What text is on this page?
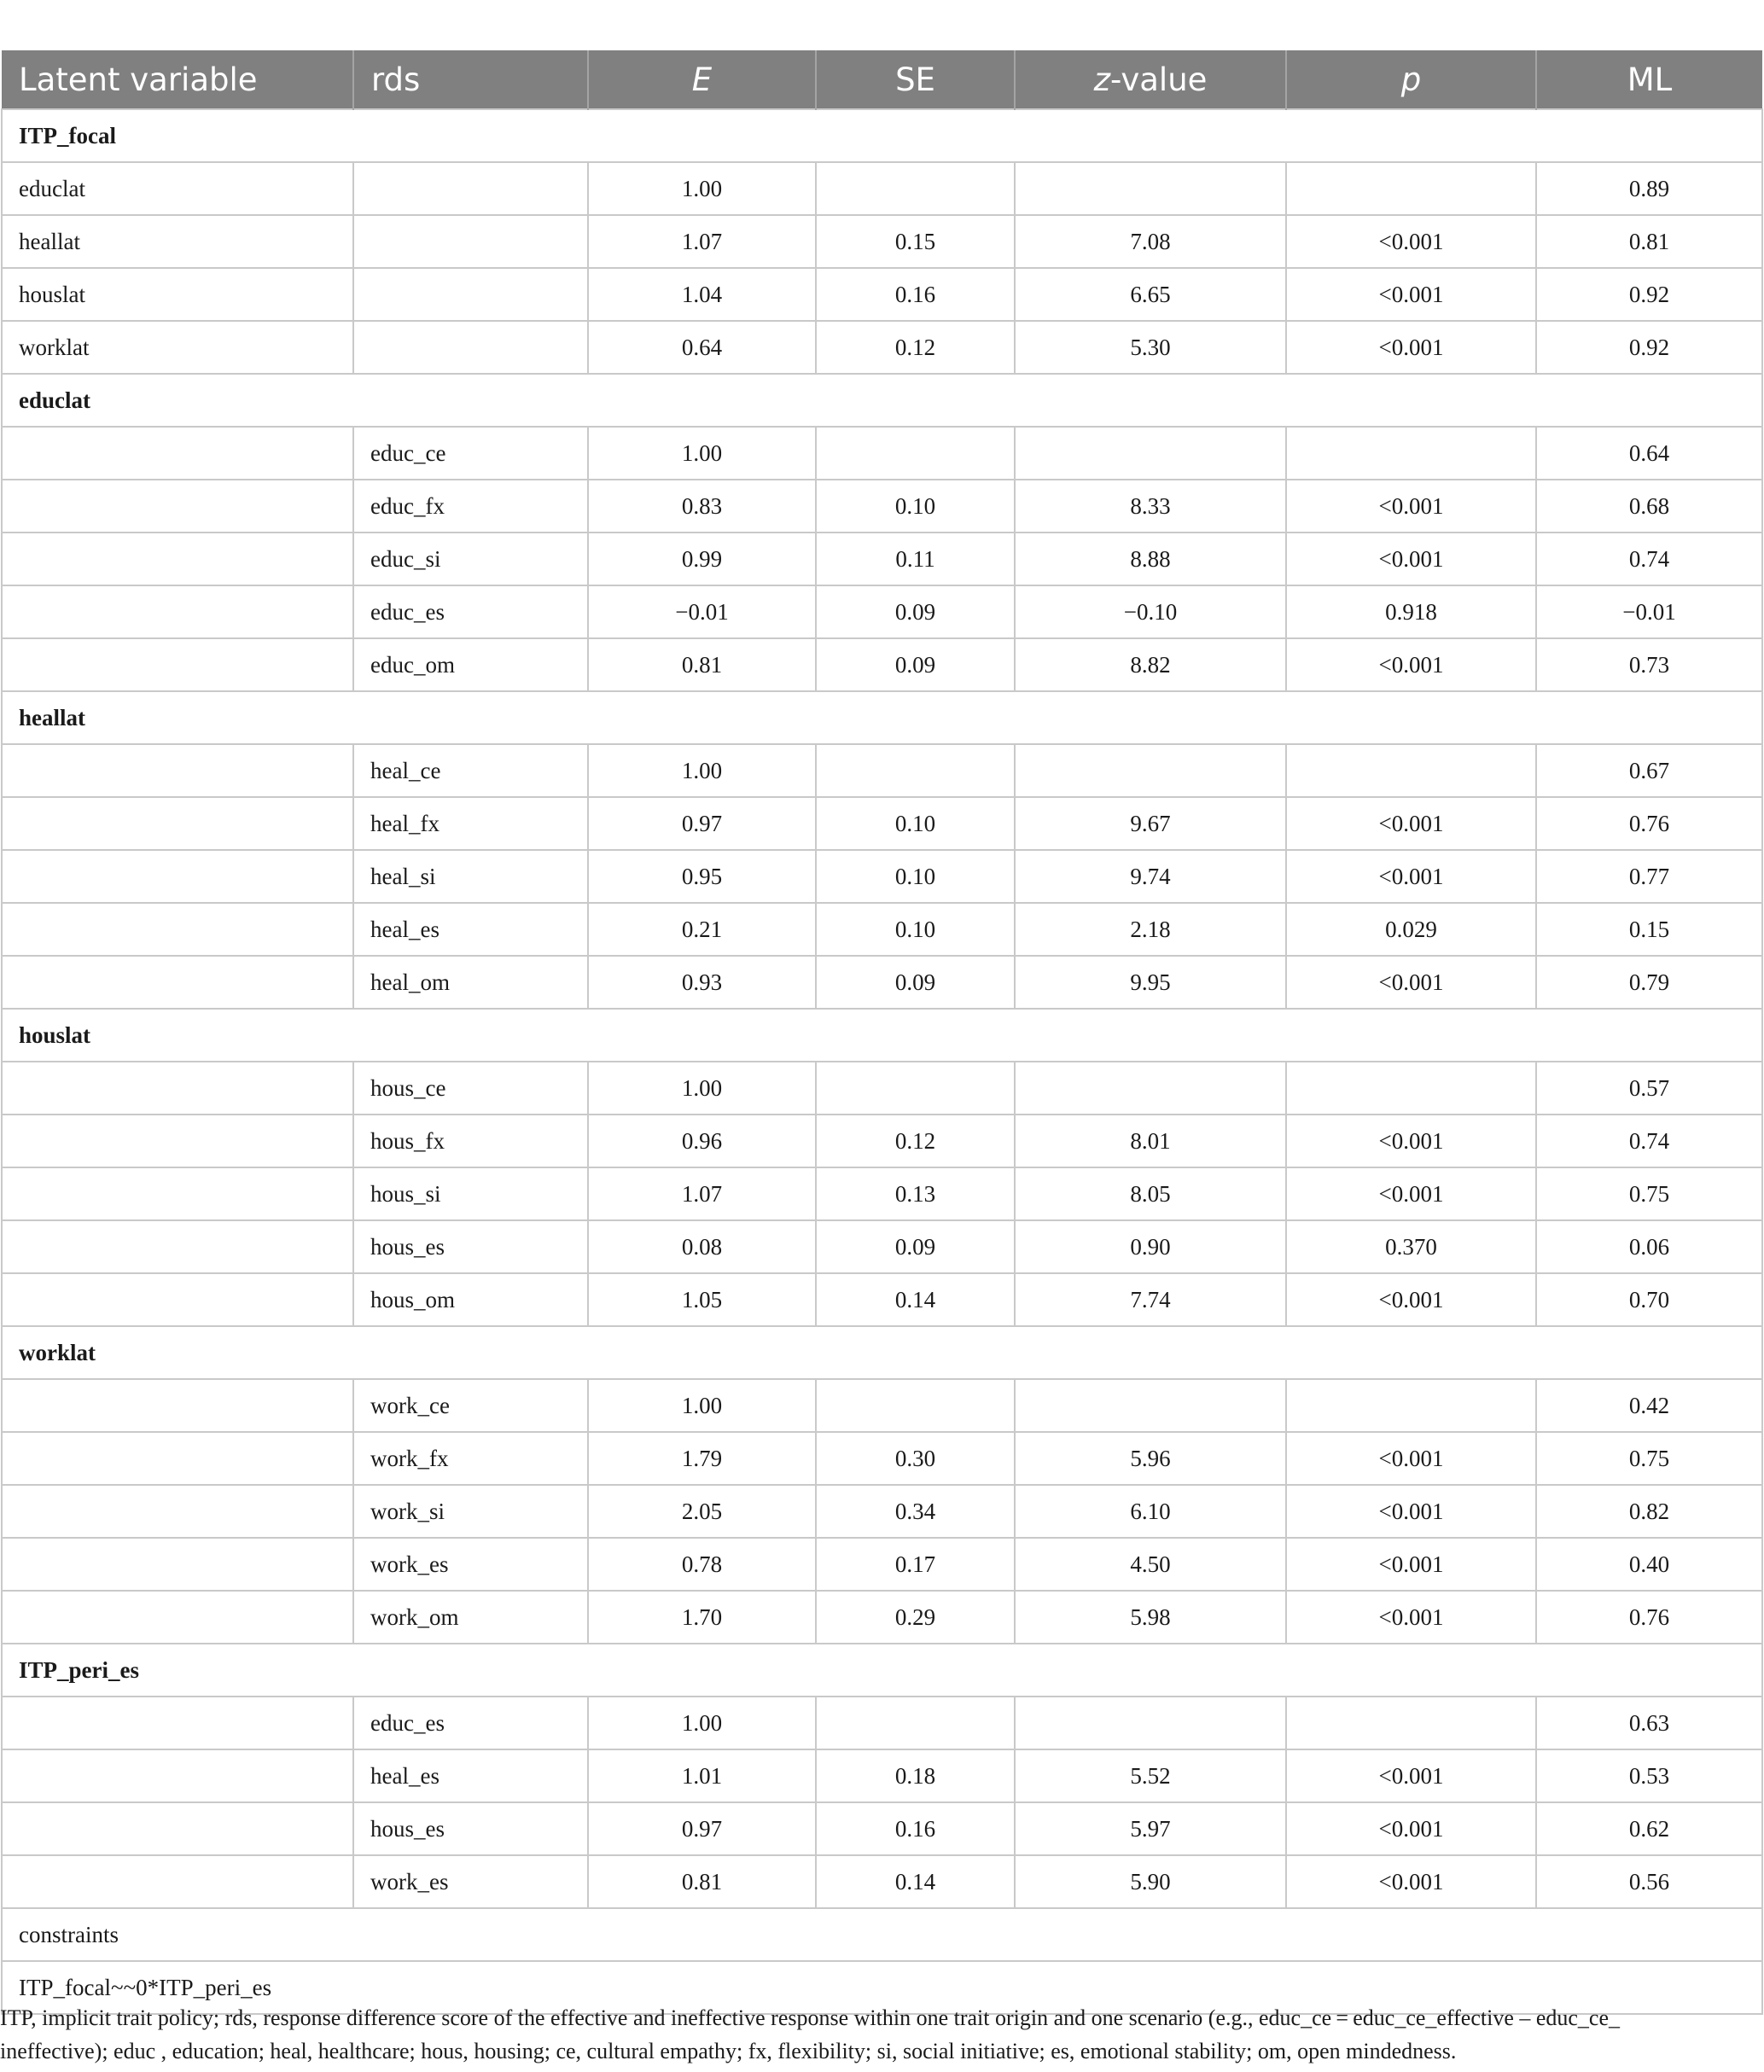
Latent variable	rds	E	SE	z-value	p	ML
ITP_focal						
educlat		1.00				0.89
heallat		1.07	0.15	7.08	<0.001	0.81
houslat		1.04	0.16	6.65	<0.001	0.92
worklat		0.64	0.12	5.30	<0.001	0.92
educlat						
	educ_ce	1.00				0.64
	educ_fx	0.83	0.10	8.33	<0.001	0.68
	educ_si	0.99	0.11	8.88	<0.001	0.74
	educ_es	−0.01	0.09	−0.10	0.918	−0.01
	educ_om	0.81	0.09	8.82	<0.001	0.73
heallat						
	heal_ce	1.00				0.67
	heal_fx	0.97	0.10	9.67	<0.001	0.76
	heal_si	0.95	0.10	9.74	<0.001	0.77
	heal_es	0.21	0.10	2.18	0.029	0.15
	heal_om	0.93	0.09	9.95	<0.001	0.79
houslat						
	hous_ce	1.00				0.57
	hous_fx	0.96	0.12	8.01	<0.001	0.74
	hous_si	1.07	0.13	8.05	<0.001	0.75
	hous_es	0.08	0.09	0.90	0.370	0.06
	hous_om	1.05	0.14	7.74	<0.001	0.70
worklat						
	work_ce	1.00				0.42
	work_fx	1.79	0.30	5.96	<0.001	0.75
	work_si	2.05	0.34	6.10	<0.001	0.82
	work_es	0.78	0.17	4.50	<0.001	0.40
	work_om	1.70	0.29	5.98	<0.001	0.76
ITP_peri_es						
	educ_es	1.00				0.63
	heal_es	1.01	0.18	5.52	<0.001	0.53
	hous_es	0.97	0.16	5.97	<0.001	0.62
	work_es	0.81	0.14	5.90	<0.001	0.56
constraints						
ITP_focal~~0*ITP_peri_es						
ITP, implicit trait policy; rds, response difference score of the effective and ineffective response within one trait origin and one scenario (e.g., educ_ce = educ_ce_effective – educ_ce_
ineffective); educ , education; heal, healthcare; hous, housing; ce, cultural empathy; fx, flexibility; si, social initiative; es, emotional stability; om, open mindedness.
